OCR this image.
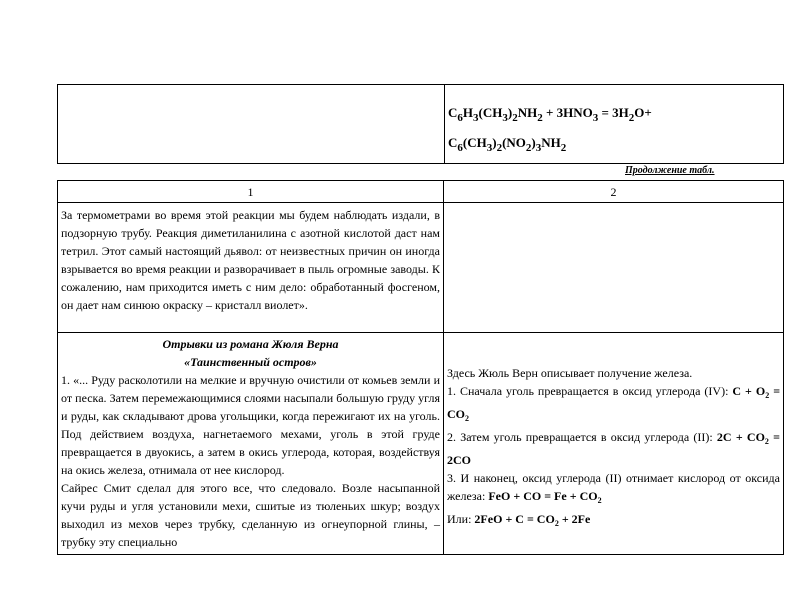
$C_6H_3(CH_3)_2NH_2 + 3HNO_3 = 3H_2O+$
$C_6(CH_3)_2(NO_2)_3NH_2$
Продолжение табл.
1	2

За термометрами во время этой реакции мы будем наблюдать издали, в подзорную трубу. Реакция диметиланилина с азотной кислотой даст нам тетрил. Этот самый настоящий дьявол: от неизвестных причин он иногда взрывается во время реакции и разворачивает в пыль огромные заводы. К сожалению, нам приходится иметь с ним дело: обработанный фосгеном, он дает нам синюю окраску – кристалл виолет».

Отрывки из романа Жюля Верна

«Таинственный остров»

1. «... Руду расколотили на мелкие и вручную очистили от комьев земли и от песка. Затем перемежающимися слоями насыпали большую груду угля и руды, как складывают дрова угольщики, когда пережигают их на уголь. Под действием воздуха, нагнетаемого мехами, уголь в этой груде превращается в двуокись, а затем в окись углерода, которая, воздействуя на окись железа, отнимала от нее кислород.

Сайрес Смит сделал для этого все, что следовало. Возле насыпанной кучи руды и угля установили мехи, сшитые из тюленьих шкур; воздух выходил из мехов через трубку, сделанную из огнеупорной глины, – трубку эту специально

Здесь Жюль Верн описывает получение железа.
1. Сначала уголь превращается в оксид углерода (IV): $C + O_2 = CO_2$
2. Затем уголь превращается в оксид углерода (II): $2C + CO_2 = 2CO$
3. И наконец, оксид углерода (II) отнимает кислород от оксида железа: FeO + CO = $Fe + CO_2$
Или: $2FeO + C = CO_2 + 2Fe$
